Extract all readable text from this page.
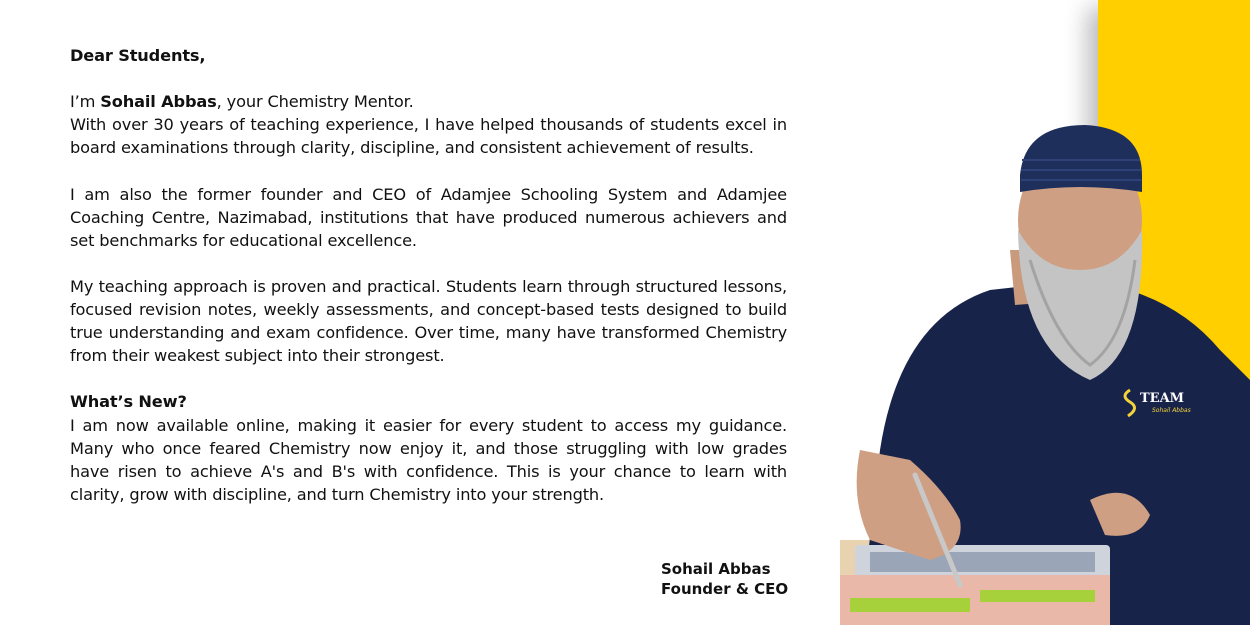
Dear Students,

I’m Sohail Abbas, your Chemistry Mentor.
With over 30 years of teaching experience, I have helped thousands of students excel in board examinations through clarity, discipline, and consistent achievement of results.

I am also the former founder and CEO of Adamjee Schooling System and Adamjee Coaching Centre, Nazimabad, institutions that have produced numerous achievers and set benchmarks for educational excellence.

My teaching approach is proven and practical. Students learn through structured lessons, focused revision notes, weekly assessments, and concept-based tests designed to build true understanding and exam confidence. Over time, many have transformed Chemistry from their weakest subject into their strongest.

What’s New?
I am now available online, making it easier for every student to access my guidance. Many who once feared Chemistry now enjoy it, and those struggling with low grades have risen to achieve A's and B's with confidence. This is your chance to learn with clarity, grow with discipline, and turn Chemistry into your strength.

Sohail Abbas
Founder & CEO
TEAM
Sohail Abbas
